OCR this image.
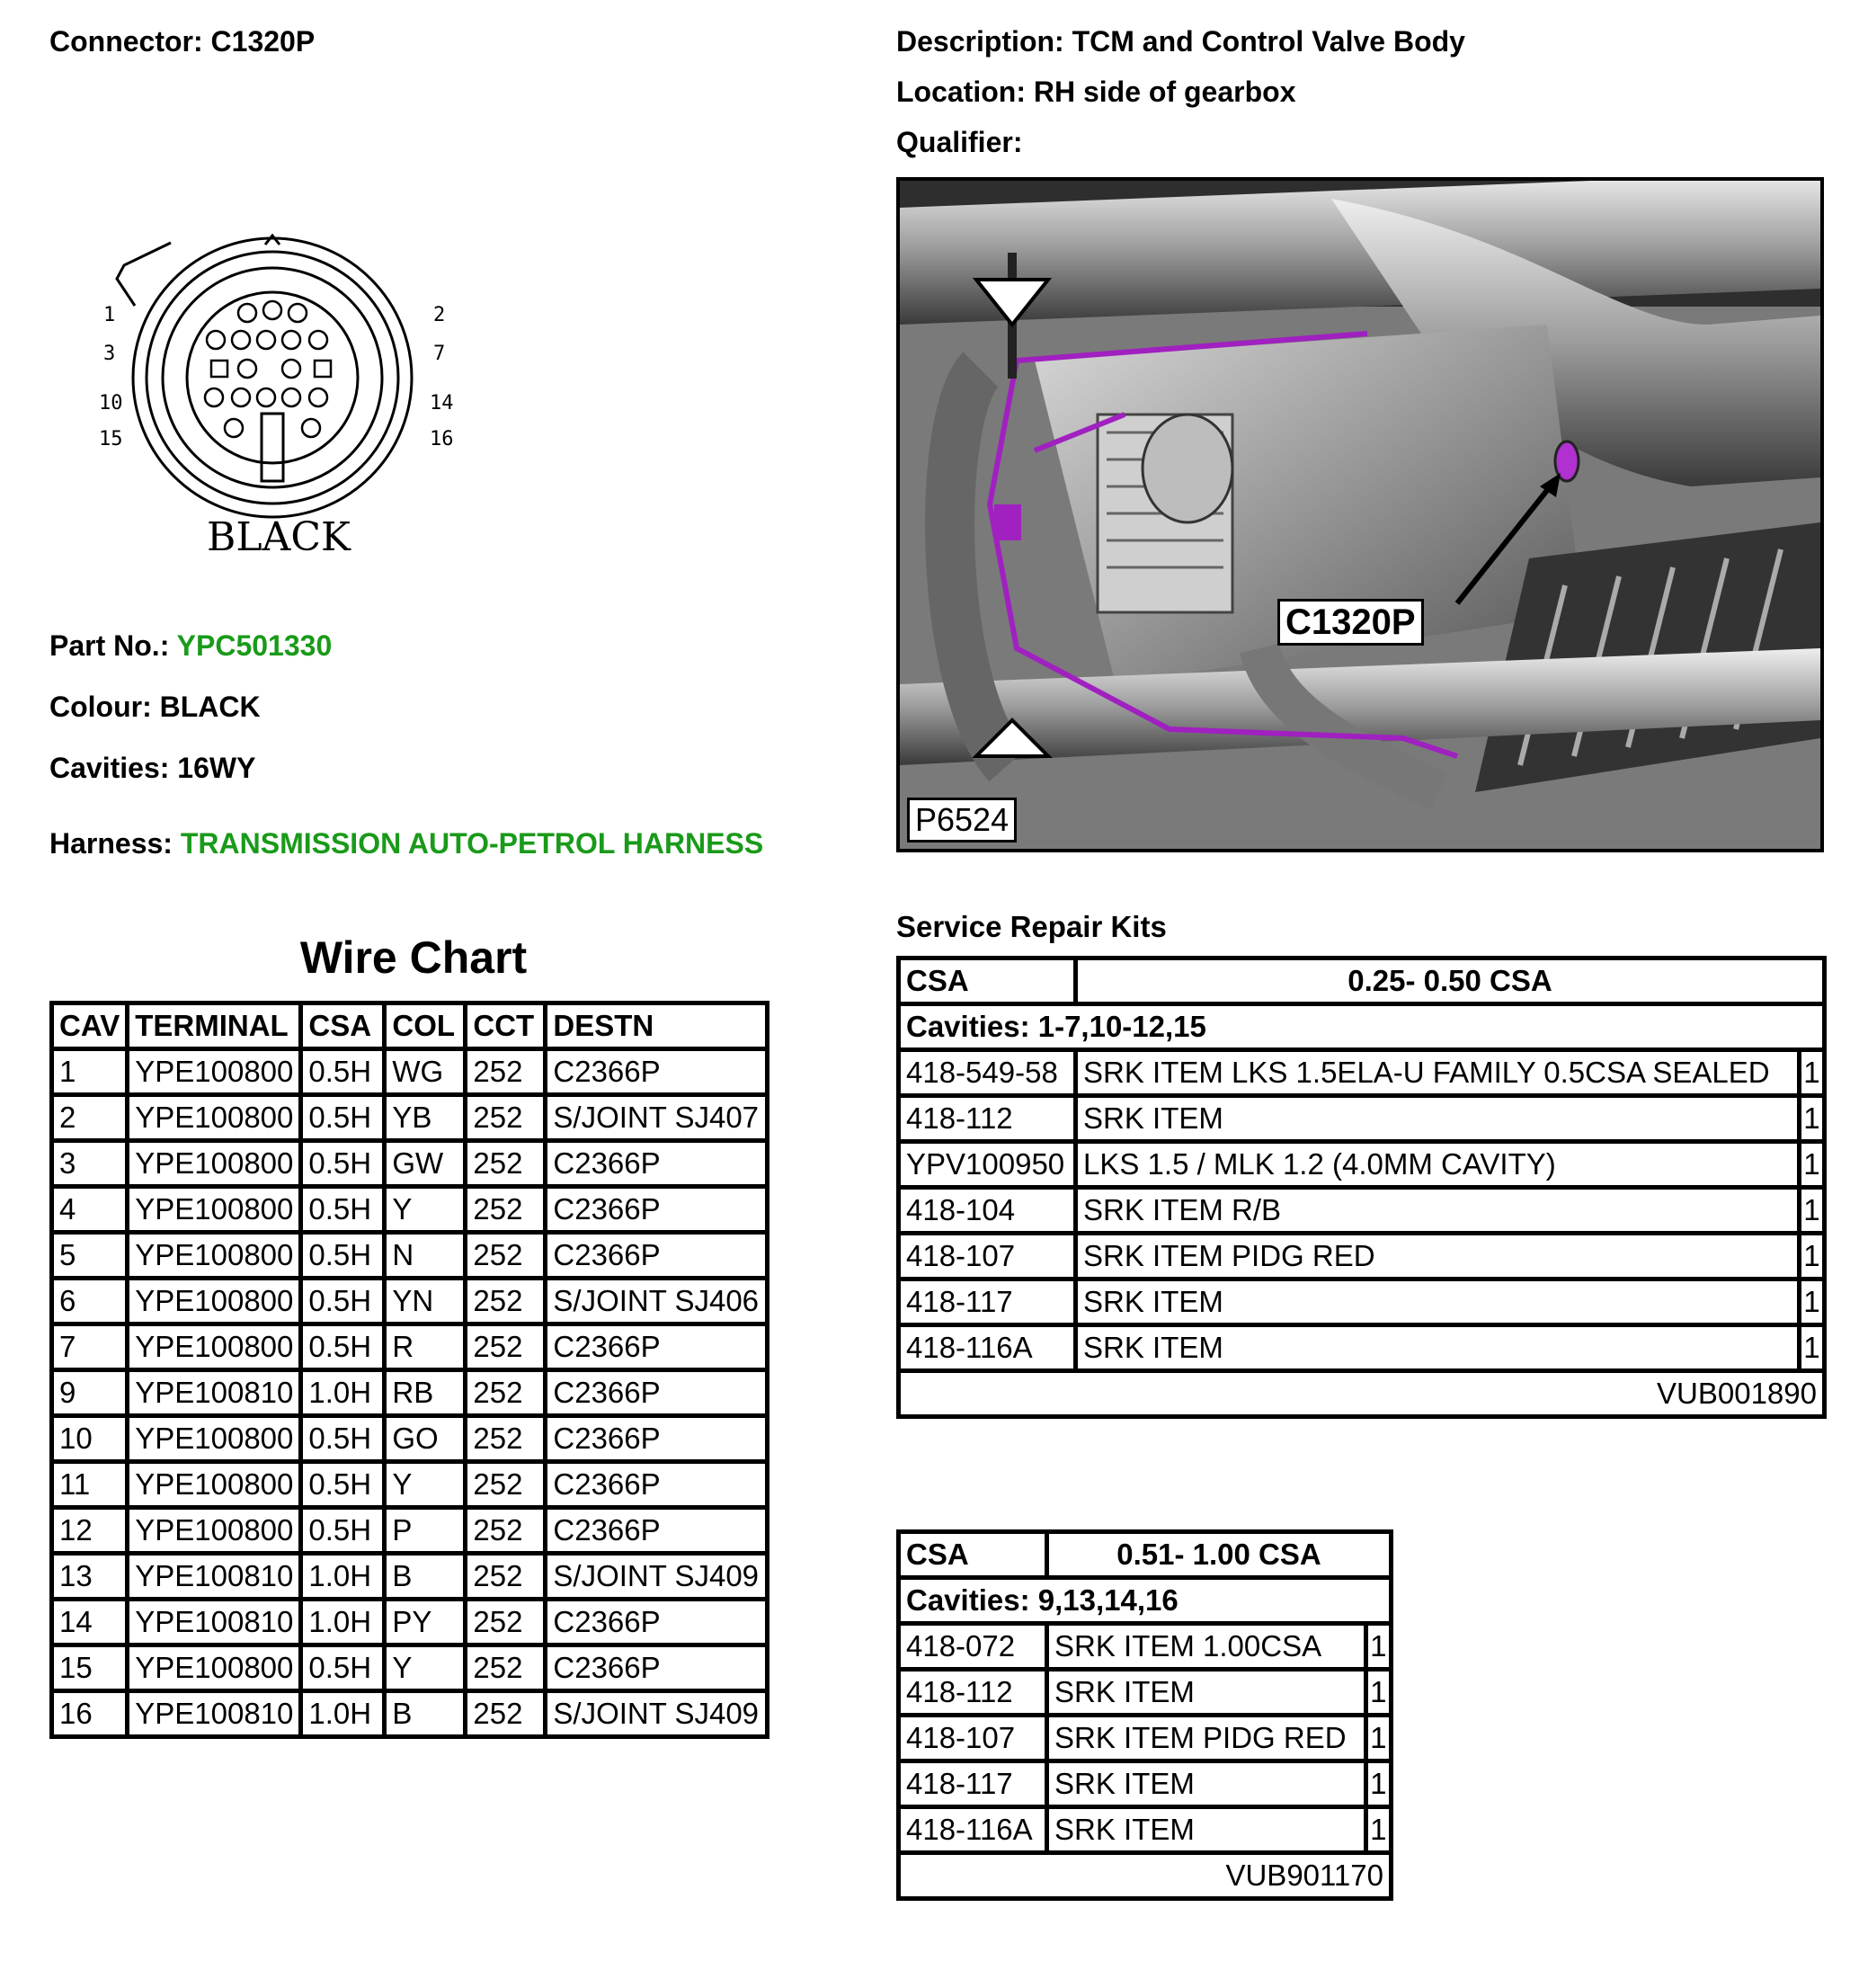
Connector: C1320P	Description: TCM and Control Valve Body
Location: RH side of gearbox
Qualifier:
1	2
3	7
10	14
15	16
BLACK
Part No.: YPC501330
Colour: BLACK
Cavities: 16WY
Harness: TRANSMISSION AUTO-PETROL HARNESS
C1320P
P6524
Wire Chart
CAV	TERMINAL	CSA	COL	CCT	DESTN
1	YPE100800	0.5H	WG	252	C2366P
2	YPE100800	0.5H	YB	252	S/JOINT SJ407
3	YPE100800	0.5H	GW	252	C2366P
4	YPE100800	0.5H	Y	252	C2366P
5	YPE100800	0.5H	N	252	C2366P
6	YPE100800	0.5H	YN	252	S/JOINT SJ406
7	YPE100800	0.5H	R	252	C2366P
9	YPE100810	1.0H	RB	252	C2366P
10	YPE100800	0.5H	GO	252	C2366P
11	YPE100800	0.5H	Y	252	C2366P
12	YPE100800	0.5H	P	252	C2366P
13	YPE100810	1.0H	B	252	S/JOINT SJ409
14	YPE100810	1.0H	PY	252	C2366P
15	YPE100800	0.5H	Y	252	C2366P
16	YPE100810	1.0H	B	252	S/JOINT SJ409
Service Repair Kits
CSA	0.25- 0.50 CSA	
Cavities: 1-7,10-12,15		
418-549-58	SRK ITEM LKS 1.5ELA-U FAMILY 0.5CSA SEALED	1
418-112	SRK ITEM	1
YPV100950	LKS 1.5 / MLK 1.2 (4.0MM CAVITY)	1
418-104	SRK ITEM R/B	1
418-107	SRK ITEM PIDG RED	1
418-117	SRK ITEM	1
418-116A	SRK ITEM	1
VUB001890		
CSA	0.51- 1.00 CSA	
Cavities: 9,13,14,16		
418-072	SRK ITEM 1.00CSA	1
418-112	SRK ITEM	1
418-107	SRK ITEM PIDG RED	1
418-117	SRK ITEM	1
418-116A	SRK ITEM	1
VUB901170		
